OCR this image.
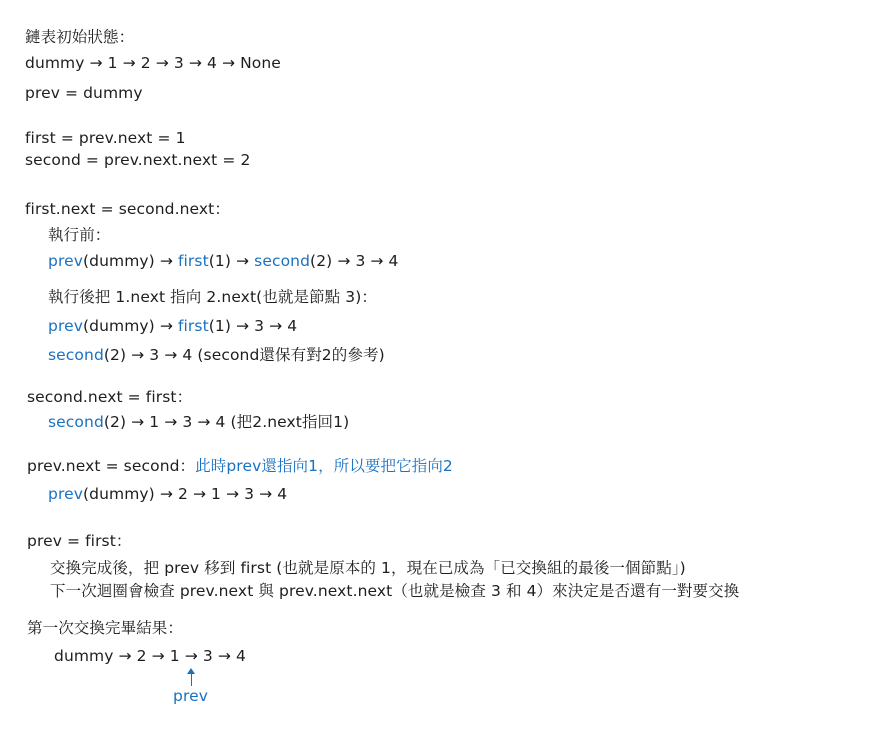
鏈表初始狀態：
dummy → 1 → 2 → 3 → 4 → None
prev = dummy
first = prev.next = 1
second = prev.next.next = 2
first.next = second.next：
執行前：
prev(dummy) → first(1) → second(2) → 3 → 4
執行後把 1.next 指向 2.next(也就是節點 3)：
prev(dummy) → first(1) → 3 → 4
second(2) → 3 → 4 (second還保有對2的參考)
second.next = first：
second(2) → 1 → 3 → 4 (把2.next指回1)
prev.next = second：此時prev還指向1，所以要把它指向2
prev(dummy) → 2 → 1 → 3 → 4
prev = first：
交換完成後，把 prev 移到 first (也就是原本的 1，現在已成為「已交換組的最後一個節點」)
下一次迴圈會檢查 prev.next 與 prev.next.next（也就是檢查 3 和 4）來決定是否還有一對要交換
第一次交換完畢結果：
dummy → 2 → 1 → 3 → 4
prev
